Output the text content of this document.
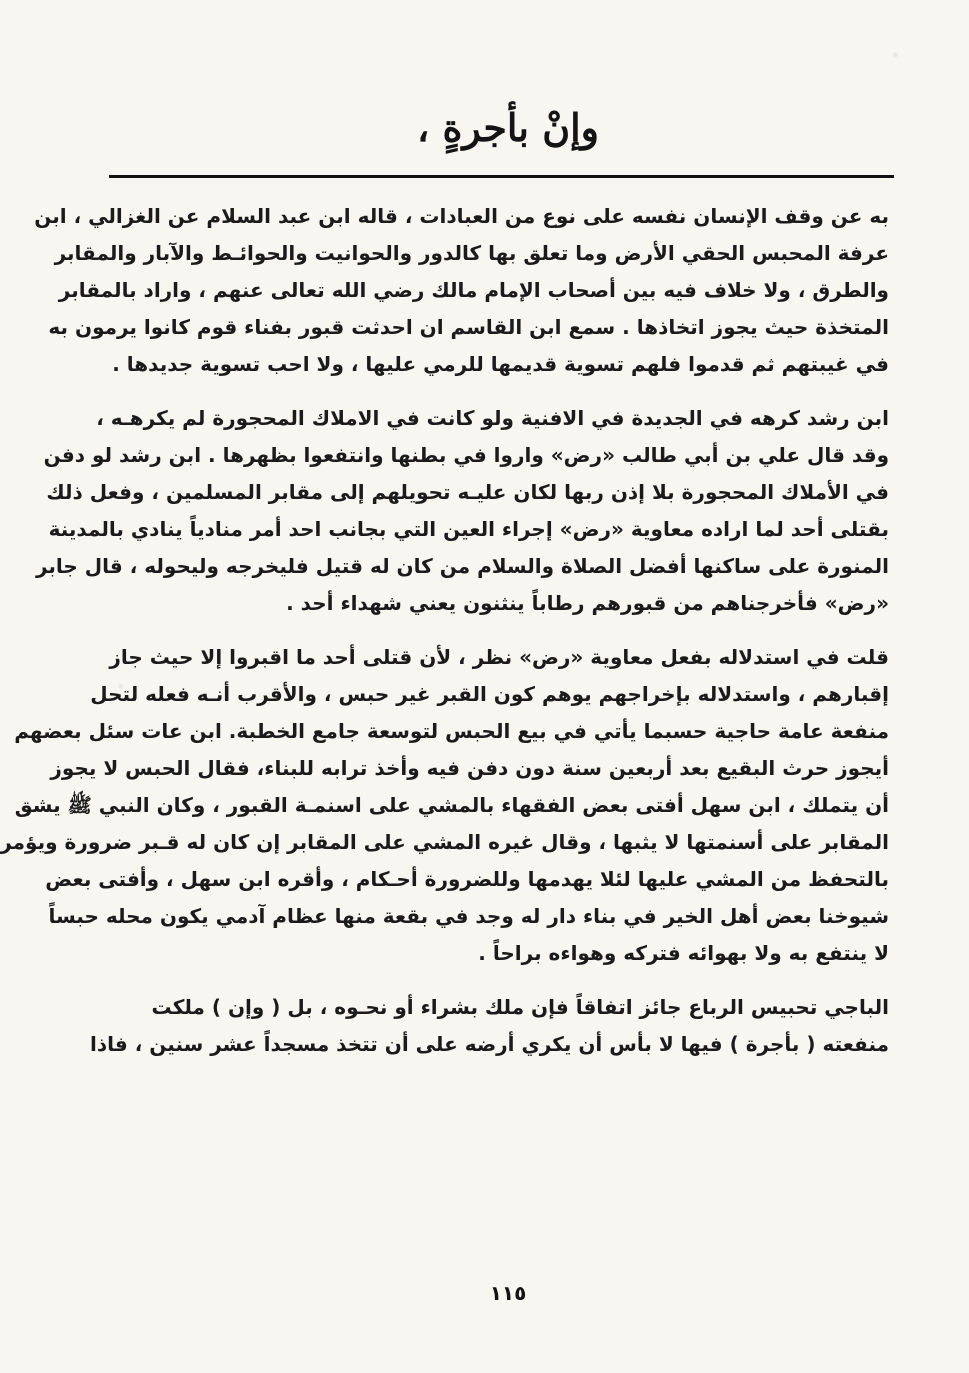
وإنْ بأجرةٍ ،
به عن وقف الإنسان نفسه على نوع من العبادات ، قاله ابن عبد السلام عن الغزالي ، ابن
عرفة المحبس الحقي الأرض وما تعلق بها كالدور والحوانيت والحوائـط والآبار والمقابر
والطرق ، ولا خلاف فيه بين أصحاب الإمام مالك رضي الله تعالى عنهم ، واراد بالمقابر
المتخذة حيث يجوز اتخاذها . سمع ابن القاسم ان احدثت قبور بفناء قوم كانوا يرمون به
في غيبتهم ثم قدموا فلهم تسوية قديمها للرمي عليها ، ولا احب تسوية جديدها .
ابن رشد كرهه في الجديدة في الافنية ولو كانت في الاملاك المحجورة لم يكرهـه ،
وقد قال علي بن أبي طالب «رض» واروا في بطنها وانتفعوا بظهرها . ابن رشد لو دفن
في الأملاك المحجورة بلا إذن ربها لكان عليـه تحويلهم إلى مقابر المسلمين ، وفعل ذلك
بقتلى أحد لما اراده معاوية «رض» إجراء العين التي بجانب احد أمر منادياً ينادي بالمدينة
المنورة على ساكنها أفضل الصلاة والسلام من كان له قتيل فليخرجه وليحوله ، قال جابر
«رض» فأخرجناهم من قبورهم رطاباً ينثنون يعني شهداء أحد .
قلت في استدلاله بفعل معاوية «رض» نظر ، لأن قتلى أحد ما اقبروا إلا حيث جاز
إقبارهم ، واستدلاله بإخراجهم يوهم كون القبر غير حبس ، والأقرب أنـه فعله لتحل
منفعة عامة حاجية حسبما يأتي في بيع الحبس لتوسعة جامع الخطبة. ابن عات سئل بعضهم
أيجوز حرث البقيع بعد أربعين سنة دون دفن فيه وأخذ ترابه للبناء، فقال الحبس لا يجوز
أن يتملك ، ابن سهل أفتى بعض الفقهاء بالمشي على اسنمـة القبور ، وكان النبي ﷺ يشق
المقابر على أسنمتها لا يثبها ، وقال غيره المشي على المقابر إن كان له قـبر ضرورة ويؤمر
بالتحفظ من المشي عليها لئلا يهدمها وللضرورة أحـكام ، وأقره ابن سهل ، وأفتى بعض
شيوخنا بعض أهل الخير في بناء دار له وجد في بقعة منها عظام آدمي يكون محله حبساً
لا ينتفع به ولا بهوائه فتركه وهواءه براحاً .
الباجي تحبيس الرباع جائز اتفاقاً فإن ملك بشراء أو نحـوه ، بل ( وإن ) ملكت
منفعته ( بأجرة ) فيها لا بأس أن يكري أرضه على أن تتخذ مسجداً عشر سنين ، فاذا
١١٥
